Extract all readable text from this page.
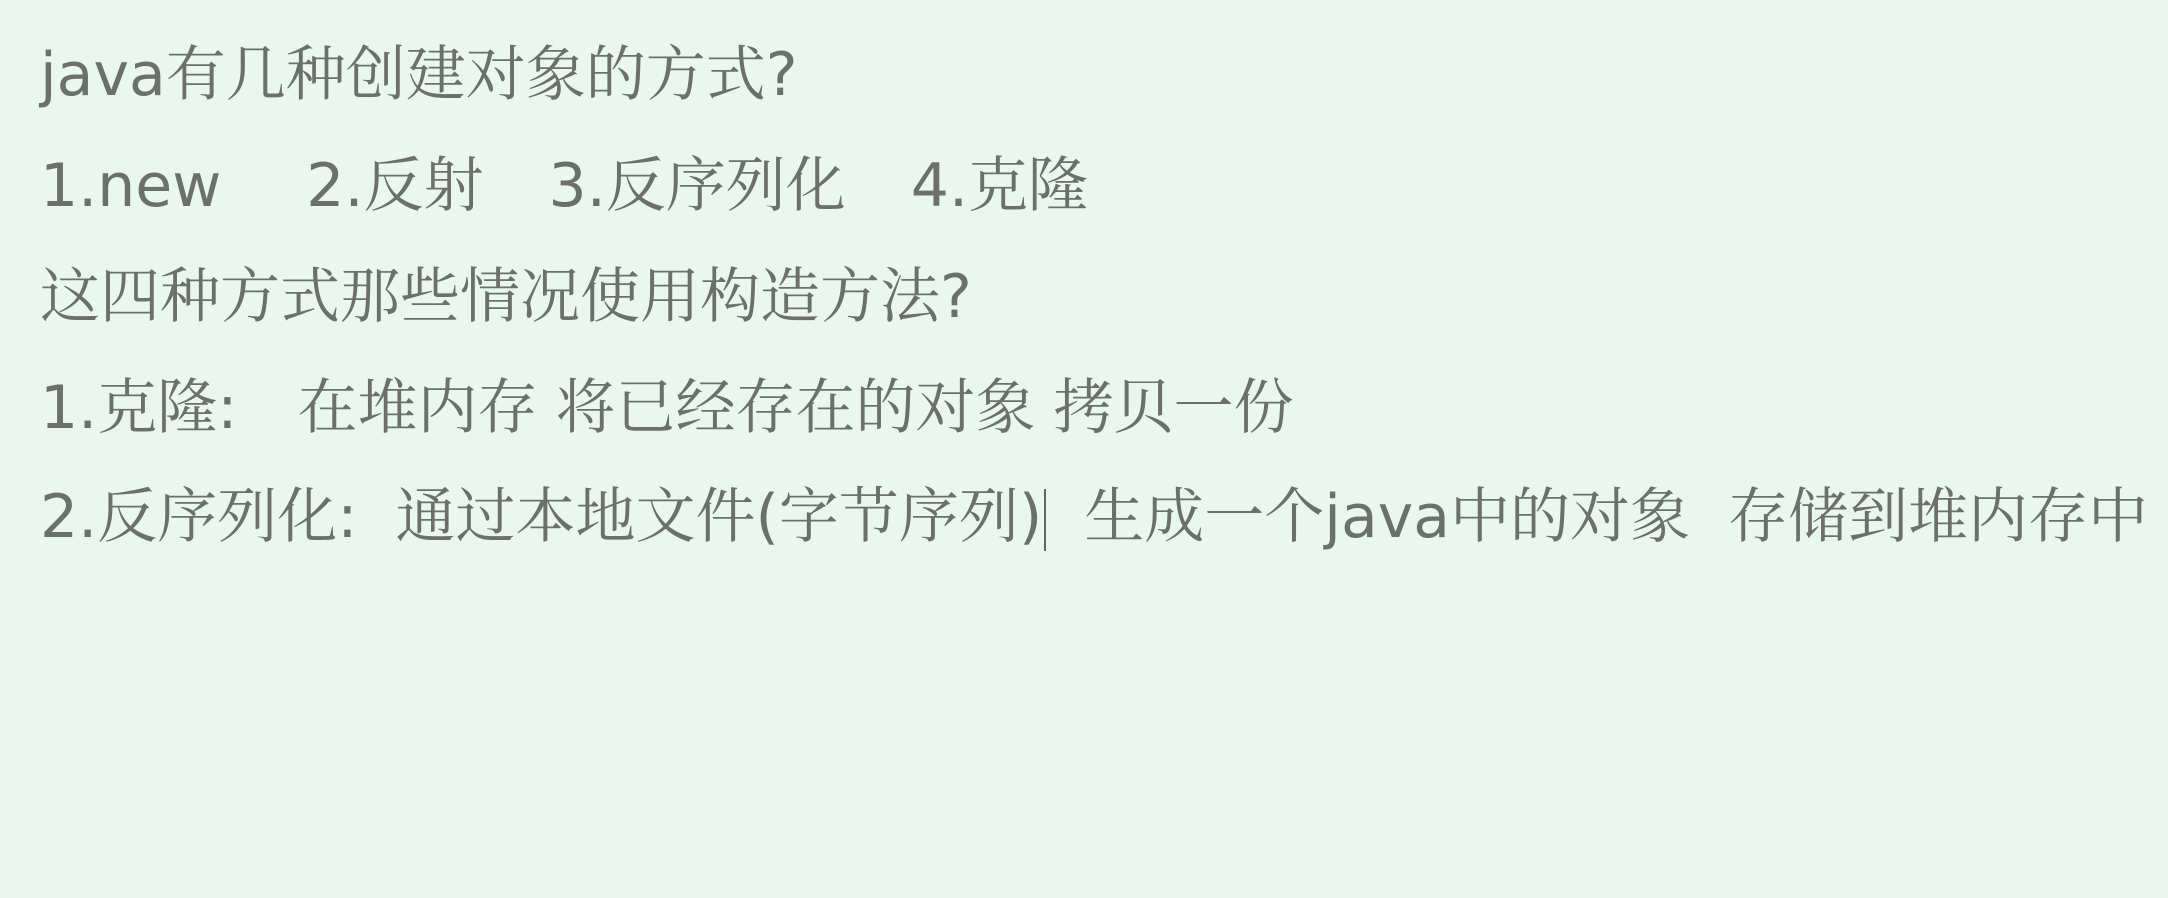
java有几种创建对象的方式?
1.new 2.反射 3.反序列化 4.克隆
这四种方式那些情况使用构造方法?
1.克隆: 在堆内存 将已经存在的对象 拷贝一份
2.反序列化: 通过本地文件(字节序列) 生成一个java中的对象 存储到堆内存中
